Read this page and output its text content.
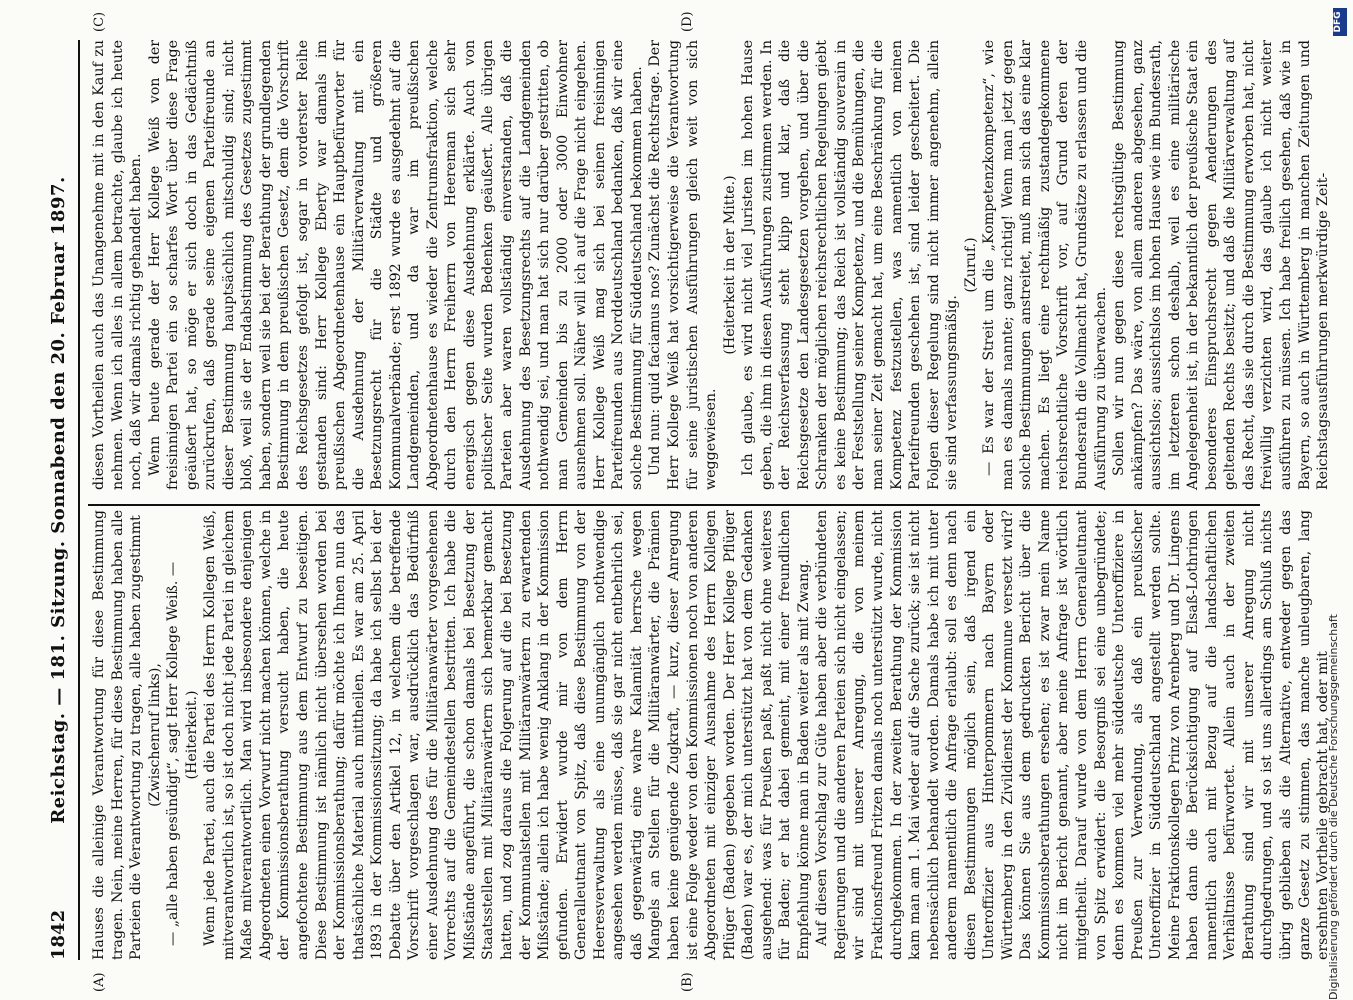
1842
Reichstag. — 181. Sitzung. Sonnabend den 20. Februar 1897.
(A)	(B)
(C)	(D)

Hauses die alleinige Verantwortung für diese Bestimmung tragen. Nein, meine Herren, für diese Bestimmung haben alle Parteien die Verantwortung zu tragen, alle haben zugestimmt (Zwischenruf links), — „alle haben gesündigt“, sagt Herr Kollege Weiß. — (Heiterkeit.) Wenn jede Partei, auch die Partei des Herrn Kollegen Weiß, mitverantwortlich ist, so ist doch nicht jede Partei in gleichem Maße mitverantwortlich. Man wird insbesondere denjenigen Abgeordneten einen Vorwurf nicht machen können, welche in der Kommissionsberathung versucht haben, die heute angefochtene Bestimmung aus dem Entwurf zu beseitigen. Diese Bestimmung ist nämlich nicht übersehen worden bei der Kommissionsberathung; dafür möchte ich Ihnen nun das thatsächliche Material auch mittheilen. Es war am 25. April 1893 in der Kommissionssitzung; da habe ich selbst bei der Debatte über den Artikel 12, in welchem die betreffende Vorschrift vorgeschlagen war, ausdrücklich das Bedürfniß einer Ausdehnung des für die Militäranwärter vorgesehenen Vorrechts auf die Gemeindestellen bestritten. Ich habe die Mißstände angeführt, die schon damals bei Besetzung der Staatsstellen mit Militäranwärtern sich bemerkbar gemacht hatten, und zog daraus die Folgerung auf die bei Besetzung der Kommunalstellen mit Militäranwärtern zu erwartenden Mißstände; allein ich habe wenig Anklang in der Kommission gefunden. Erwidert wurde mir von dem Herrn Generalleutnant von Spitz, daß diese Bestimmung von der Heeresverwaltung als eine unumgänglich nothwendige angesehen werden müsse, daß sie gar nicht entbehrlich sei, daß gegenwärtig eine wahre Kalamität herrsche wegen Mangels an Stellen für die Militäranwärter, die Prämien haben keine genügende Zugkraft, — kurz, dieser Anregung ist eine Folge weder von den Kommissionen noch von anderen Abgeordneten mit einziger Ausnahme des Herrn Kollegen Pflüger (Baden) gegeben worden. Der Herr Kollege Pflüger (Baden) war es, der mich unterstützt hat von dem Gedanken ausgehend: was für Preußen paßt, paßt nicht ohne weiteres für Baden; er hat dabei gemeint, mit einer freundlichen Empfehlung könne man in Baden weiter als mit Zwang. Auf diesen Vorschlag zur Güte haben aber die verbündeten Regierungen und die anderen Parteien sich nicht eingelassen; wir sind mit unserer Anregung, die von meinem Fraktionsfreund Fritzen damals noch unterstützt wurde, nicht durchgekommen. In der zweiten Berathung der Kommission kam man am 1. Mai wieder auf die Sache zurück; sie ist nicht nebensächlich behandelt worden. Damals habe ich mit unter anderem namentlich die Anfrage erlaubt: soll es denn nach diesen Bestimmungen möglich sein, daß irgend ein Unteroffizier aus Hinterpommern nach Bayern oder Württemberg in den Zivildienst der Kommune versetzt wird? Das können Sie aus dem gedruckten Bericht über die Kommissionsberathungen ersehen; es ist zwar mein Name nicht im Bericht genannt, aber meine Anfrage ist wörtlich mitgetheilt. Darauf wurde von dem Herrn Generalleutnant von Spitz erwidert: die Besorgniß sei eine unbegründete; denn es kommen viel mehr süddeutsche Unteroffiziere in Preußen zur Verwendung, als daß ein preußischer Unteroffizier in Süddeutschland angestellt werden sollte. Meine Fraktionskollegen Prinz von Arenberg und Dr. Lingens haben dann die Berücksichtigung auf Elsaß-Lothringen namentlich auch mit Bezug auf die landschaftlichen Verhältnisse befürwortet. Allein auch in der zweiten Berathung sind wir mit unserer Anregung nicht durchgedrungen, und so ist uns allerdings am Schluß nichts übrig geblieben als die Alternative, entweder gegen das ganze Gesetz zu stimmen, das manche unleugbaren, lang ersehnten Vortheile gebracht hat, oder mit

diesen Vortheilen auch das Unangenehme mit in den Kauf zu nehmen. Wenn ich alles in allem betrachte, glaube ich heute noch, daß wir damals richtig gehandelt haben. Wenn heute gerade der Herr Kollege Weiß von der freisinnigen Partei ein so scharfes Wort über diese Frage geäußert hat, so möge er sich doch in das Gedächtniß zurückrufen, daß gerade seine eigenen Parteifreunde an dieser Bestimmung hauptsächlich mitschuldig sind; nicht bloß, weil sie der Endabstimmung des Gesetzes zugestimmt haben, sondern weil sie bei der Berathung der grundlegenden Bestimmung in dem preußischen Gesetz, dem die Vorschrift des Reichsgesetzes gefolgt ist, sogar in vorderster Reihe gestanden sind: Herr Kollege Eberty war damals im preußischen Abgeordnetenhause ein Hauptbefürworter für die Ausdehnung der Militärverwaltung mit ein Besetzungsrecht für die Städte und größeren Kommunalverbände; erst 1892 wurde es ausgedehnt auf die Landgemeinden, und da war im preußischen Abgeordnetenhause es wieder die Zentrumsfraktion, welche durch den Herrn Freiherrn von Heereman sich sehr energisch gegen diese Ausdehnung erklärte. Auch von politischer Seite wurden Bedenken geäußert. Alle übrigen Parteien aber waren vollständig einverstanden, daß die Ausdehnung des Besetzungsrechts auf die Landgemeinden nothwendig sei, und man hat sich nur darüber gestritten, ob man Gemeinden bis zu 2000 oder 3000 Einwohner ausnehmen soll. Näher will ich auf die Frage nicht eingehen. Herr Kollege Weiß mag sich bei seinen freisinnigen Parteifreunden aus Norddeutschland bedanken, daß wir eine solche Bestimmung für Süddeutschland bekommen haben. Und nun: quid faciamus nos? Zunächst die Rechtsfrage. Der Herr Kollege Weiß hat vorsichtigerweise die Verantwortung für seine juristischen Ausführungen gleich weit von sich weggewiesen.

(Heiterkeit in der Mitte.) Ich glaube, es wird nicht viel Juristen im hohen Hause geben, die ihm in diesen Ausführungen zustimmen werden. In der Reichsverfassung steht klipp und klar, daß die Reichsgesetze den Landesgesetzen vorgehen, und über die Schranken der möglichen reichsrechtlichen Regelungen giebt es keine Bestimmung; das Reich ist vollständig souverain in der Feststellung seiner Kompetenz, und die Bemühungen, die man seiner Zeit gemacht hat, um eine Beschränkung für die Kompetenz festzustellen, was namentlich von meinen Parteifreunden geschehen ist, sind leider gescheitert. Die Folgen dieser Regelung sind nicht immer angenehm, allein sie sind verfassungsmäßig.

(Zuruf.) — Es war der Streit um die „Kompetenzkompetenz“, wie man es damals nannte; ganz richtig! Wenn man jetzt gegen solche Bestimmungen anstreitet, muß man sich das eine klar machen. Es liegt eine rechtmäßig zustandegekommene reichsrechtliche Vorschrift vor, auf Grund deren der Bundesrath die Vollmacht hat, Grundsätze zu erlassen und die Ausführung zu überwachen. Sollen wir nun gegen diese rechtsgültige Bestimmung ankämpfen? Das wäre, von allem anderen abgesehen, ganz aussichtslos; aussichtslos im hohen Hause wie im Bundesrath, im letzteren schon deshalb, weil es eine militärische Angelegenheit ist, in der bekanntlich der preußische Staat ein besonderes Einspruchsrecht gegen Aenderungen des geltenden Rechts besitzt; und daß die Militärverwaltung auf das Recht, das sie durch die Bestimmung erworben hat, nicht freiwillig verzichten wird, das glaube ich nicht weiter ausführen zu müssen. Ich habe freilich gesehen, daß wie in Bayern, so auch in Württemberg in manchen Zeitungen und Reichstagsausführungen merkwürdige Zeit-

DFG
Digitalisierung gefördert durch die Deutsche Forschungsgemeinschaft
